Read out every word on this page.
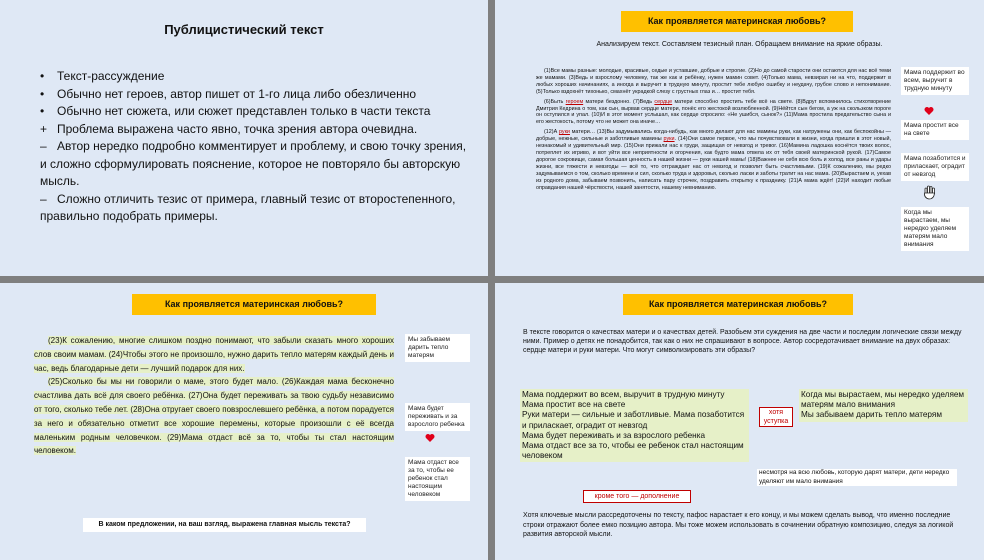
Публицистический текст
•	Текст-рассуждение
•	Обычно нет героев, автор пишет от 1-го лица либо обезличенно
•	Обычно нет сюжета, или сюжет представлен только в части текста
+ Проблема выражена часто явно, точка зрения автора очевидна.
– Автор нередко подробно комментирует и проблему, и свою точку зрения, и сложно сформулировать пояснение, которое не повторяло бы авторскую мысль.
– Сложно отличить тезис от примера, главный тезис от второстепенного, правильно подобрать примеры.
Как проявляется материнская любовь?
Анализируем текст. Составляем тезисный план. Обращаем внимание на яркие образы.
(1)Все мамы разные: молодые, красивые, седые и уставшие, добрые и строгие. (2)Но до самой старости они остаются для нас всё теми же мамами. (3)Ведь и взрослому человеку, так же как и ребёнку, нужен мамин совет. (4)Только мама, невзирая ни на что, поддержит в любых хороших начинаниях, а иногда и выручит в трудную минуту, простит тебе любую ошибку и неудачу, грубое слово и непонимание. (5)Только вздохнёт тихонько, смахнёт украдкой слезу с грустных глаз и… простит тебя.
(6)Быть героем матери бездонно. (7)Ведь сердце матери способно простить тебе всё на свете. (8)Вдруг вспомнилось стихотворение Дмитрия Кедрина о том, как сын, вырвав сердце матери, понёс его жестокой возлюбленной. (9)Нёйтся сын бегом, а уж на скользком пороге он оступился и упал. (10)И в этот момент услышал, как сердце спросило: «Не ушибся, сынок?» (11)Мама простила предательство сына и его жестокость, потому что не может она иначе…
(12)А руки матери… (13)Вы задумывались когда-нибудь, как много делают для нас мамины руки, как натружены они, как беспокойны — добрые, нежные, сильные и заботливые мамины руки. (14)Они самое первое, что мы почувствовали в жизни, когда пришли в этот новый, незнакомый и удивительный мир. (15)Они прижали нас к груди, защищая от невзгод и тревог. (16)Мамина ладошка коснётся твоих волос, потреплет их игриво, и вот уйти все неприятности и огорчения, как будто мама отвела их от тебя своей материнской рукой. (17)Самое дорогое сокровище, самая большая ценность в нашей жизни — руки нашей мамы! (18)Важнее не себя всю боль и холод, все раны и удары жизни, все тяжести и невзгоды — всё то, что отграждает нас от невзгод и позволит быть счастливыми. (19)К сожалению, мы редко задумываемся о том, сколько времени и сил, сколько труда и здоровья, сколько ласки и заботы тратит на нас мама. (20)Вырастаем и, уехав из родного дома, забываем позвонить, написать пару строчек, поздравить открытку к празднику. (21)А мама ждёт! (22)И находит любые оправдания нашей чёрствости, нашей занятости, нашему невниманию.
Мама поддержит во всем, выручит в трудную минуту
Мама простит все на свете
Мама позаботится и приласкает, оградит от невзгод
Когда мы вырастаем, мы нередко уделяем матерям мало внимания
Как проявляется материнская любовь?
(23)К сожалению, многие слишком поздно понимают, что забыли сказать много хороших слов своим мамам. (24)Чтобы этого не произошло, нужно дарить тепло матерям каждый день и час, ведь благодарные дети — лучший подарок для них.
(25)Сколько бы мы ни говорили о маме, этого будет мало. (26)Каждая мама бесконечно счастлива дать всё для своего ребёнка. (27)Она будет переживать за твою судьбу независимо от того, сколько тебе лет. (28)Она отругает своего повзрослевшего ребёнка, а потом порадуется за него и обязательно отметит все хорошие перемены, которые произошли с её всегда маленьким родным человечком. (29)Мама отдаст всё за то, чтобы ты стал настоящим человеком.
Мы забываем дарить тепло матерям
Мама будет переживать и за взрослого ребенка
Мама отдаст все за то, чтобы ее ребенок стал настоящим человеком
В каком предложении, на ваш взгляд, выражена главная мысль текста?
Как проявляется материнская любовь?
В тексте говорится о качествах матери и о качествах детей. Разобьем эти суждения на две части и последим логические связи между ними. Пример о детях не понадобится, так как о них не спрашивают в вопросе. Автор сосредотачивает внимание на двух образах: сердце матери и руки матери. Что могут символизировать эти образы?
Мама поддержит во всем, выручит в трудную минуту
Мама простит все на свете
Руки матери — сильные и заботливые. Мама позаботится и приласкает, оградит от невзгод
Мама будет переживать и за взрослого ребенка
Мама отдаст все за то, чтобы ее ребенок стал настоящим человеком
хотя уступка
Когда мы вырастаем, мы нередко уделяем матерям мало внимания
Мы забываем дарить тепло матерям
несмотря на всю любовь, которую дарят матери, дети нередко уделяют им мало внимания
кроме того — дополнение
Хотя ключевые мысли рассредоточены по тексту, пафос нарастает к его концу, и мы можем сделать вывод, что именно последние строки отражают более емко позицию автора. Мы тоже можем использовать в сочинении обратную композицию, следуя за логикой развития авторской мысли.
